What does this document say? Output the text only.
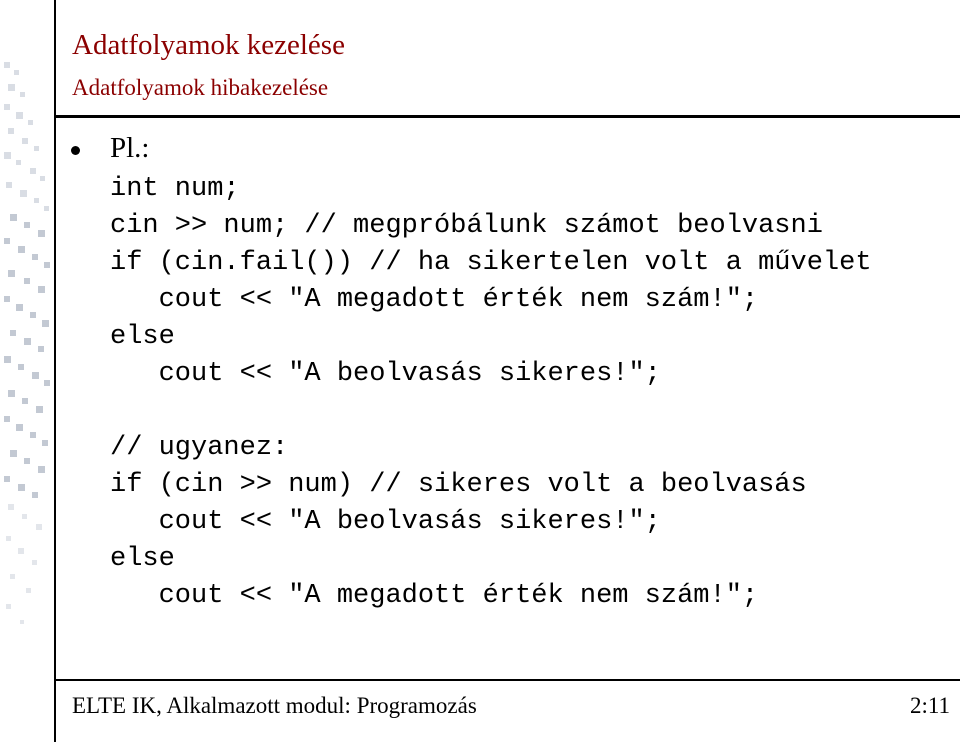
Adatfolyamok kezelése
Adatfolyamok hibakezelése
Pl.:
int num;
cin >> num; // megpróbálunk számot beolvasni
if (cin.fail()) // ha sikertelen volt a művelet
cout << "A megadott érték nem szám!";
else
cout << "A beolvasás sikeres!";
// ugyanez:
if (cin >> num) // sikeres volt a beolvasás
cout << "A beolvasás sikeres!";
else
cout << "A megadott érték nem szám!";
ELTE IK, Alkalmazott modul: Programozás	2:11
